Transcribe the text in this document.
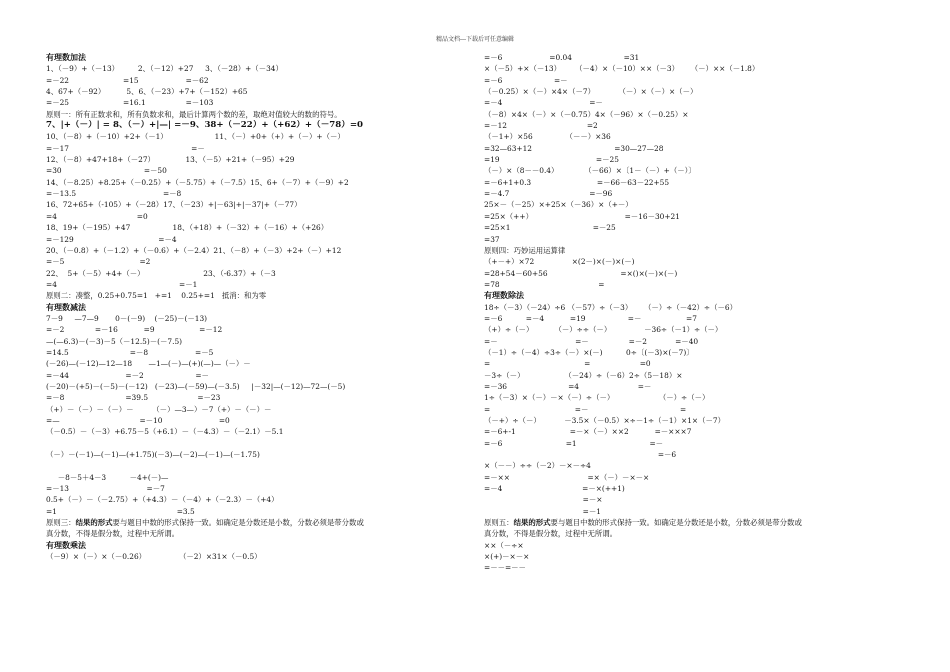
精品文档---下载后可任意编辑
有理数加法
1、（－9）+（－13）        2、（－12）+27     3、（－28）+（－34）
=－22                       =15                    =－62
4、67+（－92）         5、6、（－23）+7+（－152）+65
=－25                       =16.1                 =－103
原则一：所有正数求和，所有负数求和，最后计算两个数的差，取绝对值较大的数的符号。
7、|+（－）| = 8、（－）+|—| =－9、38+（－22）+（+62）+（－78）=0
10、（－8）+（－10）+2+（－1）                    11、（－）+0+（+）+（－）+（－）
=－17                                                    =－
12、（－8）+47+18+（－27）             13、（－5）+21+（－95）+29
=30                                   =－50
14、（－8.25）+8.25+（－0.25）+（－5.75）+（－7.5）15、6+（－7）+（－9）+2
=－13.5                                     =－8
16、72+65+（-105）+（－28）17、（－23）+|－63|+|－37|+（－77）
=4                                  =0
18、19+（－195）+47                  18、（+18）+（－32）+（－16）+（+26）
=－129                                    =－4
20、（－0.8）+（－1.2）+（－0.6）+（－2.4）21、（－8）+（－3）+2+（－）+12
=－5                                =2
22、  5+（－5）+4+（－）                         23、（-6.37）+（－3
=4                                                    =－1
原则二：凑整，0.25+0.75=1   +=1    0.25+=1   抵消：和为零
有理数减法
7－9     —7—9       0－(－9)    (－25)－(－13)
=－2             =－16           =9                   =－12
—(—6.3)－(－3)－5（－12.5)－(－7.5)
=14.5                          =－8                    =－5
(－26)—(－12)—12—18       —1—(－)—(+)(—)—（－）－
=－44                        =－2                      =－
(－20)－(+5)－(－5)－(－12)   (－23)—(－59)—(－3.5)     |－32|—(－12)—72—(－5)
=－8                          =39.5                     =－23
（+）－（－）－（－）－        （－）—3—）－7（+）－（－）－
=—                                  =－10                        =0
（－0.5）－（－3）+6.75－5（+6.1）－（－4.3）－（－2.1）－5.1
（－）－(－1)—(－1)—(+1.75)(－3)—(－2)—(－1)—(－1.75)
－8－5＋4－3          －4+(－)—
=－13                                 =－7
0.5+（－）－（－2.75）+（+4.3）－（－4）+（－2.3）－（+4）
=1                                                   =3.5
原则三：结果的形式要与题目中数的形式保持一致。如确定是分数还是小数，分数必须是带分数或
真分数，不得是假分数，过程中无所谓。
有理数乘法
（－9）×（－）×（－0.26）              （－2）×31×（－0.5）
=－6                    =0.04                      =31
×（－5）+×（－13）      （－4）×（－10）××（－3）     （－）××（－1.8）
=－6                      =－
（－0.25）×（－）×4×（－7）          （－）×（－）×（－）
=－4                                     =－
（－8）×4×（－）×（－0.75）4×（－96）×（－0.25）×
=－12                                  =2
（－1+）×56              （－－）×36
=32—63+12                                   =30—27—28
=19                                         =－25
（－）×（8－－0.4）           （－66）×〔1－（－）+（－）〕
=－6+1+0.3                            =－66－63－22+55
=－4.7                                  =－96
25×－（－25）×+25×（－36）×（+－）
=25×（++）                                       =－16－30+21
=25×1                                   =－25
=37
原则四：巧妙运用运算律
（+－+）×72                ×(2－)×(－)×(－)
=28+54－60+56                               =×()×(－)×(－)
=78                                          =
有理数除法
18÷（－3）（－24）÷6 （－57）÷（－3）     （－）÷（－42）÷（－6）
=－6          =－4           =19                  =－                   =7
（+）÷（－）         （－）÷÷（－）              －36÷（－1）÷（－）
=－                                 =－                 =－2            =－40
（－1）÷（－4）÷3÷（－）×(－)          0÷〔(－3)×(－7)〕
=                                        =                     =0
－3÷（－）                 （－24）÷（－6）2÷（5－18）×
=－36                          =4                         =－
1÷（－3）×（－）－×（－）÷（－）                   （－）÷（－）
=                                    =－                                       =
（－+）÷（－）          －3.5×（－0.5）×÷－1÷（－1）×1×（－7）
=－6+-1                       =－×（－）××2           =－×××7
=－6                           =1                               =－
=－6
×（－－）÷÷（－2）－×－÷4
=－××                                 =×（－）－×－×
=－4                                  =－×(++1)
=－×
=－1
原则五：结果的形式要与题目中数的形式保持一致。如确定是分数还是小数，分数必须是带分数或
真分数，不得是假分数，过程中无所谓。
××（－÷×
×(+)－×－×
=－－=－－
